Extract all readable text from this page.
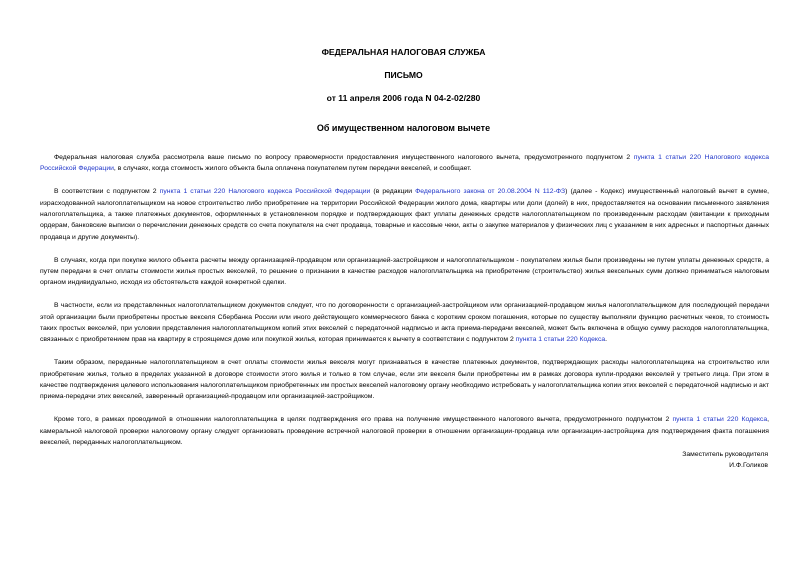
ФЕДЕРАЛЬНАЯ НАЛОГОВАЯ СЛУЖБА
ПИСЬМО
от 11 апреля 2006 года N 04-2-02/280
Об имущественном налоговом вычете

Федеральная налоговая служба рассмотрела ваше письмо по вопросу правомерности предоставления имущественного налогового вычета, предусмотренного подпунктом 2 пункта 1 статьи 220 Налогового кодекса Российской Федерации, в случаях, когда стоимость жилого объекта была оплачена покупателем путем передачи векселей, и сообщает.

В соответствии с подпунктом 2 пункта 1 статьи 220 Налогового кодекса Российской Федерации (в редакции Федерального закона от 20.08.2004 N 112-ФЗ) (далее - Кодекс) имущественный налоговый вычет в сумме, израсходованной налогоплательщиком на новое строительство либо приобретение на территории Российской Федерации жилого дома, квартиры или доли (долей) в них, предоставляется на основании письменного заявления налогоплательщика, а также платежных документов, оформленных в установленном порядке и подтверждающих факт уплаты денежных средств налогоплательщиком по произведенным расходам (квитанции к приходным ордерам, банковские выписки о перечислении денежных средств со счета покупателя на счет продавца, товарные и кассовые чеки, акты о закупке материалов у физических лиц с указанием в них адресных и паспортных данных продавца и другие документы).

В случаях, когда при покупке жилого объекта расчеты между организацией-продавцом или организацией-застройщиком и налогоплательщиком - покупателем жилья были произведены не путем уплаты денежных средств, а путем передачи в счет оплаты стоимости жилья простых векселей, то решение о признании в качестве расходов налогоплательщика на приобретение (строительство) жилья вексельных сумм должно приниматься налоговым органом индивидуально, исходя из обстоятельств каждой конкретной сделки.

В частности, если из представленных налогоплательщиком документов следует, что по договоренности с организацией-застройщиком или организацией-продавцом жилья налогоплательщиком для последующей передачи этой организации были приобретены простые векселя Сбербанка России или иного действующего коммерческого банка с коротким сроком погашения, которые по существу выполняли функцию расчетных чеков, то стоимость таких простых векселей, при условии представления налогоплательщиком копий этих векселей с передаточной надписью и акта приема-передачи векселей, может быть включена в общую сумму расходов налогоплательщика, связанных с приобретением прав на квартиру в строящемся доме или покупкой жилья, которая принимается к вычету в соответствии с подпунктом 2 пункта 1 статьи 220 Кодекса.

Таким образом, переданные налогоплательщиком в счет оплаты стоимости жилья векселя могут признаваться в качестве платежных документов, подтверждающих расходы налогоплательщика на строительство или приобретение жилья, только в пределах указанной в договоре стоимости этого жилья и только в том случае, если эти векселя были приобретены им в рамках договора купли-продажи векселей у третьего лица. При этом в качестве подтверждения целевого использования налогоплательщиком приобретенных им простых векселей налоговому органу необходимо истребовать у налогоплательщика копии этих векселей с передаточной надписью и акт приема-передачи этих векселей, заверенный организацией-продавцом или организацией-застройщиком.

Кроме того, в рамках проводимой в отношении налогоплательщика в целях подтверждения его права на получение имущественного налогового вычета, предусмотренного подпунктом 2 пункта 1 статьи 220 Кодекса, камеральной налоговой проверки налоговому органу следует организовать проведение встречной налоговой проверки в отношении организации-продавца или организации-застройщика для подтверждения факта погашения векселей, переданных налогоплательщиком.

Заместитель руководителя
И.Ф.Голиков
